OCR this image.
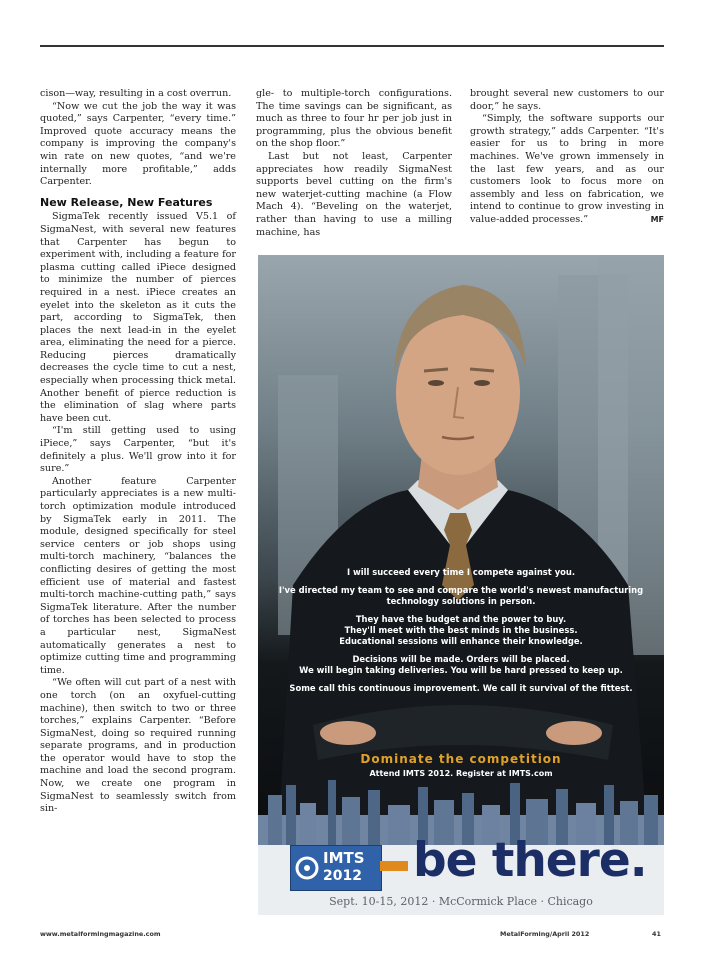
cison—way, resulting in a cost overrun.

“Now we cut the job the way it was quoted,” says Carpenter, “every time.” Improved quote accuracy means the company is improving the company's win rate on new quotes, “and we're internally more profitable,” adds Carpenter.

New Release, New Features

SigmaTek recently issued V5.1 of SigmaNest, with several new features that Carpenter has begun to experiment with, including a feature for plasma cutting called iPiece designed to minimize the number of pierces required in a nest. iPiece creates an eyelet into the skeleton as it cuts the part, according to SigmaTek, then places the next lead-in in the eyelet area, eliminating the need for a pierce. Reducing pierces dramatically decreases the cycle time to cut a nest, especially when processing thick metal. Another benefit of pierce reduction is the elimination of slag where parts have been cut.

“I'm still getting used to using iPiece,” says Carpenter, “but it's definitely a plus. We'll grow into it for sure.”

Another feature Carpenter particularly appreciates is a new multi-torch optimization module introduced by SigmaTek early in 2011. The module, designed specifically for steel service centers or job shops using multi-torch machinery, “balances the conflicting desires of getting the most efficient use of material and fastest multi-torch machine-cutting path,” says SigmaTek literature. After the number of torches has been selected to process a particular nest, SigmaNest automatically generates a nest to optimize cutting time and programming time.

“We often will cut part of a nest with one torch (on an oxyfuel-cutting machine), then switch to two or three torches,” explains Carpenter. “Before SigmaNest, doing so required running separate programs, and in production the operator would have to stop the machine and load the second program. Now, we create one program in SigmaNest to seamlessly switch from sin-

gle- to multiple-torch configurations. The time savings can be significant, as much as three to four hr per job just in programming, plus the obvious benefit on the shop floor.”

Last but not least, Carpenter appreciates how readily SigmaNest supports bevel cutting on the firm's new waterjet-cutting machine (a Flow Mach 4). “Beveling on the waterjet, rather than having to use a milling machine, has

brought several new customers to our door,” he says.

“Simply, the software supports our growth strategy,” adds Carpenter. “It's easier for us to bring in more machines. We've grown immensely in the last few years, and as our customers look to focus more on assembly and less on fabrication, we intend to continue to grow investing in value-added processes.”	MF

I will succeed every time I compete against you.
I've directed my team to see and compare the world's newest manufacturing technology solutions in person.
They have the budget and the power to buy.
They'll meet with the best minds in the business.
Educational sessions will enhance their knowledge.
Decisions will be made. Orders will be placed.
We will begin taking deliveries. You will be hard pressed to keep up.
Some call this continuous improvement. We call it survival of the fittest.
Dominate the competition
Attend IMTS 2012. Register at IMTS.com
IMTS
2012 be there.
Sept. 10-15, 2012 · McCormick Place · Chicago
www.metalformingmagazine.com	MetalForming/April 2012	41
